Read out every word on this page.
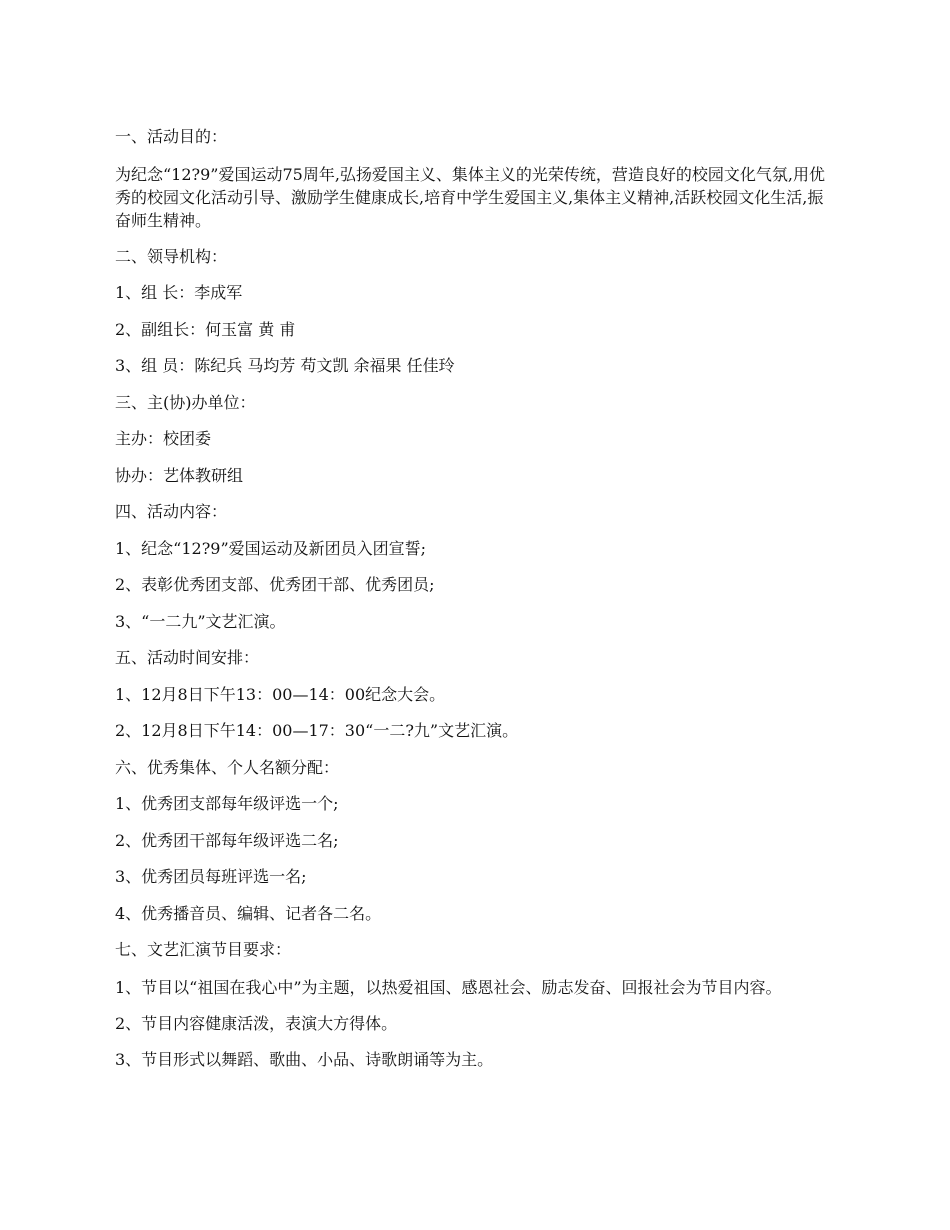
一、活动目的：

为纪念“12?9”爱国运动75周年,弘扬爱国主义、集体主义的光荣传统，营造良好的校园文化气氛,用优秀的校园文化活动引导、激励学生健康成长,培育中学生爱国主义,集体主义精神,活跃校园文化生活,振奋师生精神。

二、领导机构：

1、组 长：李成军

2、副组长：何玉富 黄 甫

3、组 员：陈纪兵 马均芳 苟文凯 余福果 任佳玲

三、主(协)办单位：

主办：校团委

协办：艺体教研组

四、活动内容：

1、纪念“12?9”爱国运动及新团员入团宣誓;

2、表彰优秀团支部、优秀团干部、优秀团员;

3、“一二九”文艺汇演。

五、活动时间安排：

1、12月8日下午13：00—14：00纪念大会。

2、12月8日下午14：00—17：30“一二?九”文艺汇演。

六、优秀集体、个人名额分配：

1、优秀团支部每年级评选一个;

2、优秀团干部每年级评选二名;

3、优秀团员每班评选一名;

4、优秀播音员、编辑、记者各二名。

七、文艺汇演节目要求：

1、节目以“祖国在我心中”为主题，以热爱祖国、感恩社会、励志发奋、回报社会为节目内容。

2、节目内容健康活泼，表演大方得体。

3、节目形式以舞蹈、歌曲、小品、诗歌朗诵等为主。
